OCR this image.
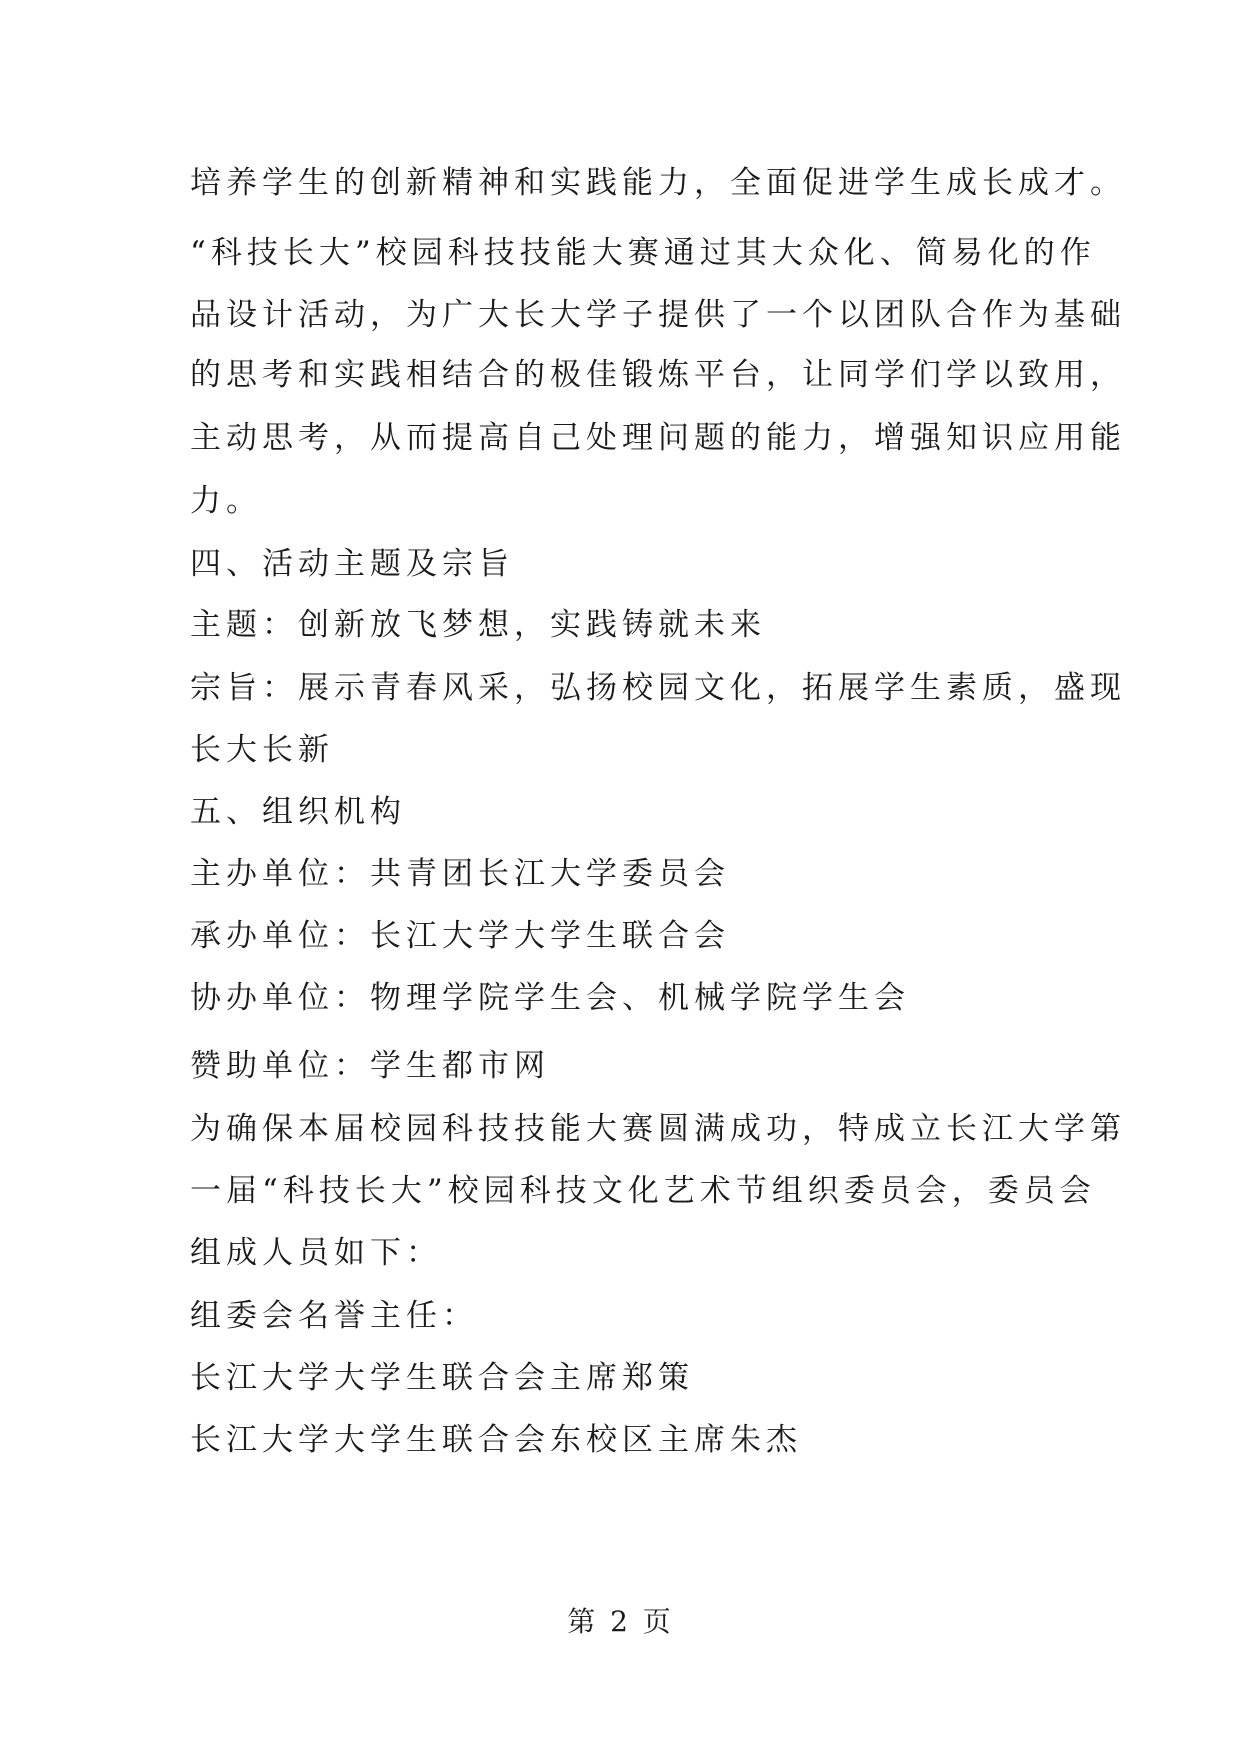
培养学生的创新精神和实践能力，全面促进学生成长成才。
“科技长大”校园科技技能大赛通过其大众化、简易化的作
品设计活动，为广大长大学子提供了一个以团队合作为基础
的思考和实践相结合的极佳锻炼平台，让同学们学以致用，
主动思考，从而提高自己处理问题的能力，增强知识应用能
力。
四、活动主题及宗旨
主题：创新放飞梦想，实践铸就未来
宗旨：展示青春风采，弘扬校园文化，拓展学生素质，盛现
长大长新
五、组织机构
主办单位：共青团长江大学委员会
承办单位：长江大学大学生联合会
协办单位：物理学院学生会、机械学院学生会
赞助单位：学生都市网
为确保本届校园科技技能大赛圆满成功，特成立长江大学第
一届“科技长大”校园科技文化艺术节组织委员会，委员会
组成人员如下：
组委会名誉主任：
长江大学大学生联合会主席郑策
长江大学大学生联合会东校区主席朱杰
第 2 页
